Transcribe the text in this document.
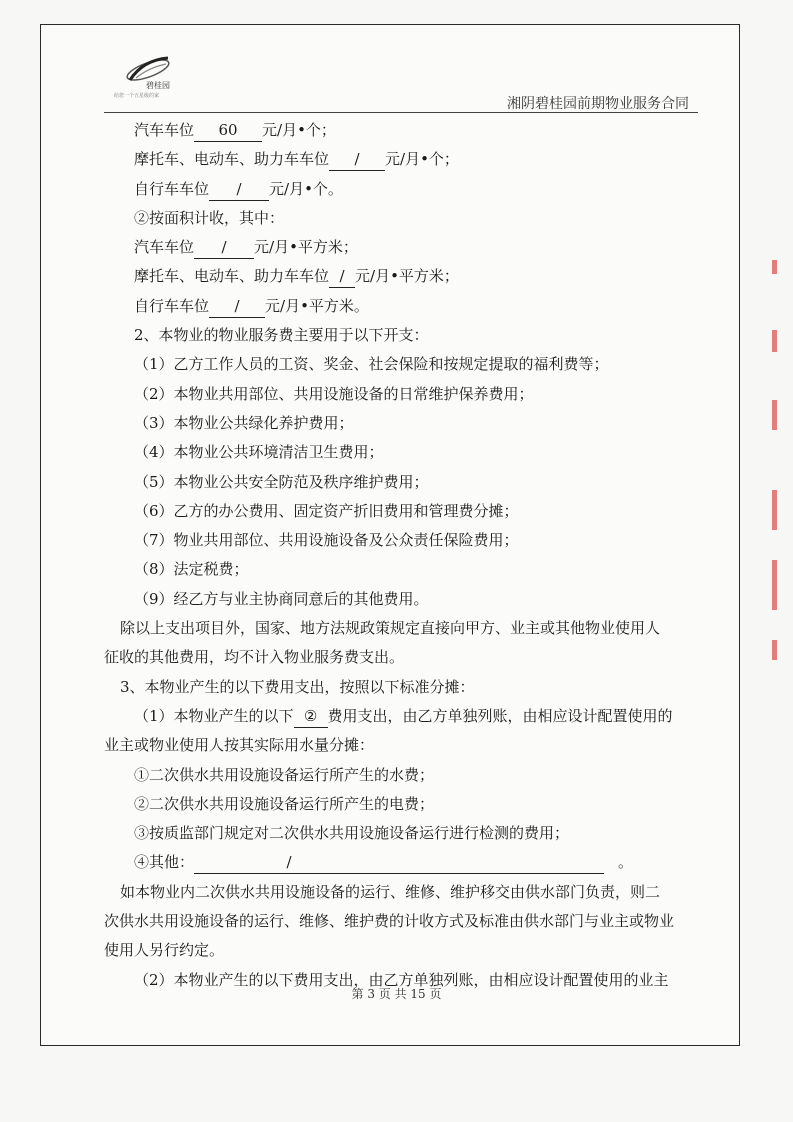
碧桂园
给您一个五星级的家	湘阴碧桂园前期物业服务合同
汽车车位 60 元/月•个；
摩托车、电动车、助力车车位 / 元/月•个；
自行车车位 / 元/月•个。
②按面积计收，其中：
汽车车位 / 元/月•平方米；
摩托车、电动车、助力车车位 / 元/月•平方米；
自行车车位 / 元/月•平方米。
2、本物业的物业服务费主要用于以下开支：
（1）乙方工作人员的工资、奖金、社会保险和按规定提取的福利费等；
（2）本物业共用部位、共用设施设备的日常维护保养费用；
（3）本物业公共绿化养护费用；
（4）本物业公共环境清洁卫生费用；
（5）本物业公共安全防范及秩序维护费用；
（6）乙方的办公费用、固定资产折旧费用和管理费分摊；
（7）物业共用部位、共用设施设备及公众责任保险费用；
（8）法定税费；
（9）经乙方与业主协商同意后的其他费用。
除以上支出项目外，国家、地方法规政策规定直接向甲方、业主或其他物业使用人
征收的其他费用，均不计入物业服务费支出。
3、本物业产生的以下费用支出，按照以下标准分摊：
（1）本物业产生的以下 ② 费用支出，由乙方单独列账，由相应设计配置使用的
业主或物业使用人按其实际用水量分摊：
①二次供水共用设施设备运行所产生的水费；
②二次供水共用设施设备运行所产生的电费；
③按质监部门规定对二次供水共用设施设备运行进行检测的费用；
④其他：	/	。
如本物业内二次供水共用设施设备的运行、维修、维护移交由供水部门负责，则二
次供水共用设施设备的运行、维修、维护费的计收方式及标准由供水部门与业主或物业
使用人另行约定。
（2）本物业产生的以下费用支出，由乙方单独列账，由相应设计配置使用的业主
第 3 页 共 15 页
